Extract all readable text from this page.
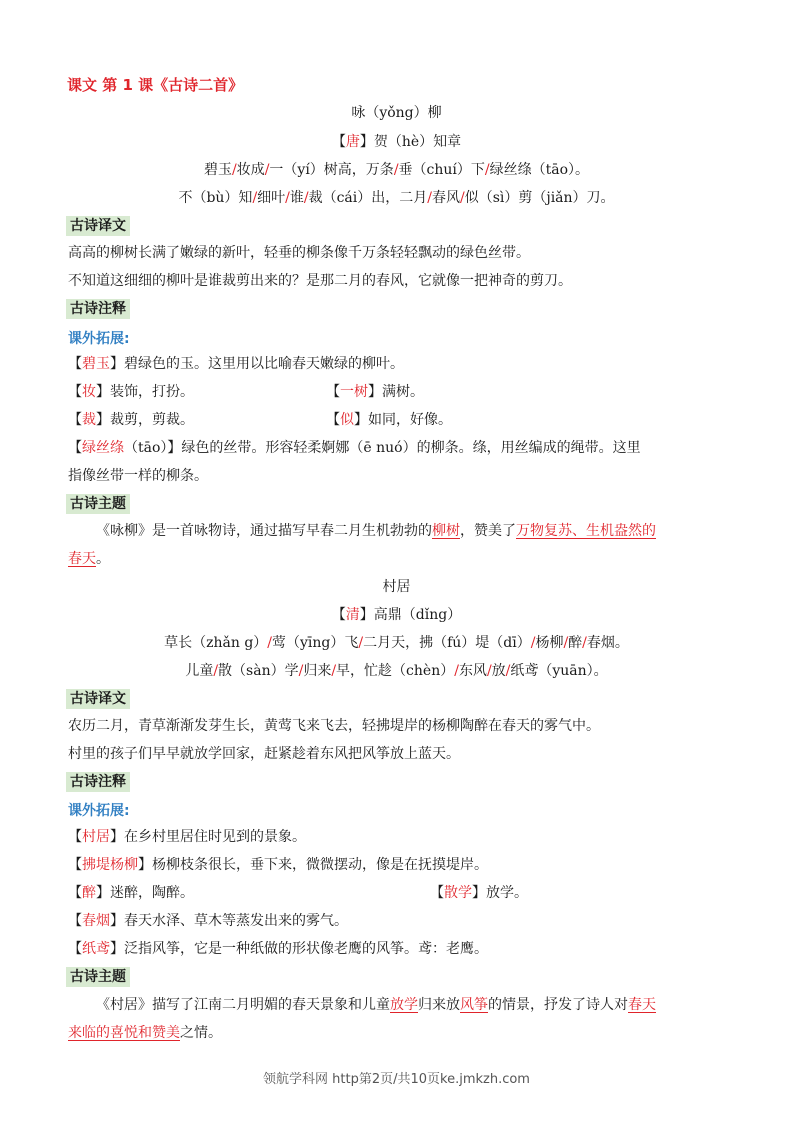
课文 第 1 课《古诗二首》
咏（yǒng）柳
【唐】贺（hè）知章
碧玉/妆成/一（yí）树高，万条/垂（chuí）下/绿丝绦（tāo）。
不（bù）知/细叶/谁/裁（cái）出，二月/春风/似（sì）剪（jiǎn）刀。
古诗译文
高高的柳树长满了嫩绿的新叶，轻垂的柳条像千万条轻轻飘动的绿色丝带。
不知道这细细的柳叶是谁裁剪出来的？是那二月的春风，它就像一把神奇的剪刀。
古诗注释
课外拓展:
【碧玉】碧绿色的玉。这里用以比喻春天嫩绿的柳叶。
【妆】装饰，打扮。	【一树】满树。
【裁】裁剪，剪裁。	【似】如同，好像。
【绿丝绦（tāo）】绿色的丝带。形容轻柔婀娜（ē nuó）的柳条。绦，用丝编成的绳带。这里
指像丝带一样的柳条。
古诗主题
《咏柳》是一首咏物诗，通过描写早春二月生机勃勃的柳树，赞美了万物复苏、生机盎然的
春天。
村居
【清】高鼎（dǐng）
草长（zhǎn g）/莺（yīng）飞/二月天，拂（fú）堤（dī）/杨柳/醉/春烟。
儿童/散（sàn）学/归来/早，忙趁（chèn）/东风/放/纸鸢（yuān）。
古诗译文
农历二月，青草渐渐发芽生长，黄莺飞来飞去，轻拂堤岸的杨柳陶醉在春天的雾气中。
村里的孩子们早早就放学回家，赶紧趁着东风把风筝放上蓝天。
古诗注释
课外拓展:
【村居】在乡村里居住时见到的景象。
【拂堤杨柳】杨柳枝条很长，垂下来，微微摆动，像是在抚摸堤岸。
【醉】迷醉，陶醉。	【散学】放学。
【春烟】春天水泽、草木等蒸发出来的雾气。
【纸鸢】泛指风筝，它是一种纸做的形状像老鹰的风筝。鸢：老鹰。
古诗主题
《村居》描写了江南二月明媚的春天景象和儿童放学归来放风筝的情景，抒发了诗人对春天
来临的喜悦和赞美之情。
领航学科网 http第2页/共10页ke.jmkzh.com
